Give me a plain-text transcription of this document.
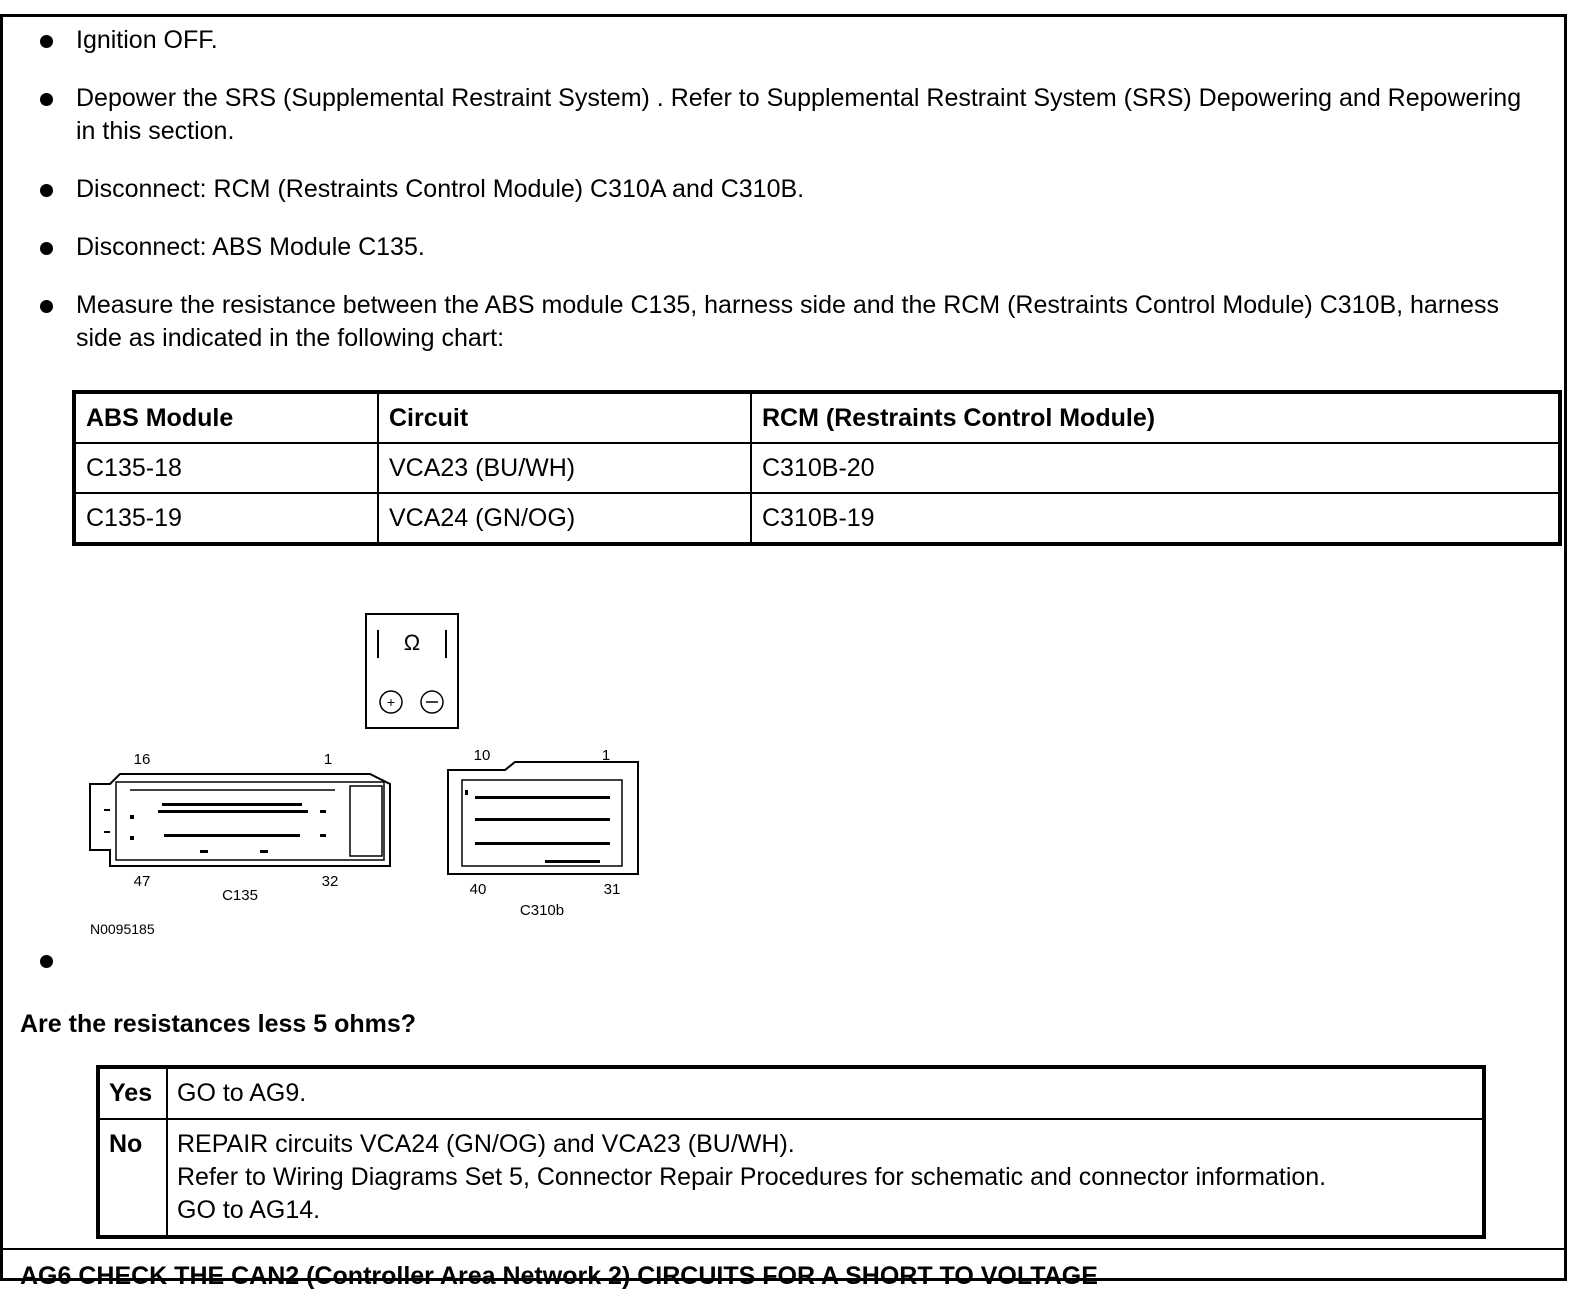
Ignition OFF.
Depower the SRS (Supplemental Restraint System) . Refer to Supplemental Restraint System (SRS) Depowering and Repowering in this section.
Disconnect: RCM (Restraints Control Module) C310A and C310B.
Disconnect: ABS Module C135.
Measure the resistance between the ABS module C135, harness side and the RCM (Restraints Control Module) C310B, harness side as indicated in the following chart:
ABS Module	Circuit	RCM (Restraints Control Module)
C135-18	VCA23 (BU/WH)	C310B-20
C135-19	VCA24 (GN/OG)	C310B-19
Ω
+
16	1
47	32
C135
10	1
40	31
C310b
N0095185
Are the resistances less 5 ohms?
Yes	GO to AG9.

No	REPAIR circuits VCA24 (GN/OG) and VCA23 (BU/WH).
Refer to Wiring Diagrams Set 5, Connector Repair Procedures for schematic and connector information.
GO to AG14.
AG6 CHECK THE CAN2 (Controller Area Network 2) CIRCUITS FOR A SHORT TO VOLTAGE
